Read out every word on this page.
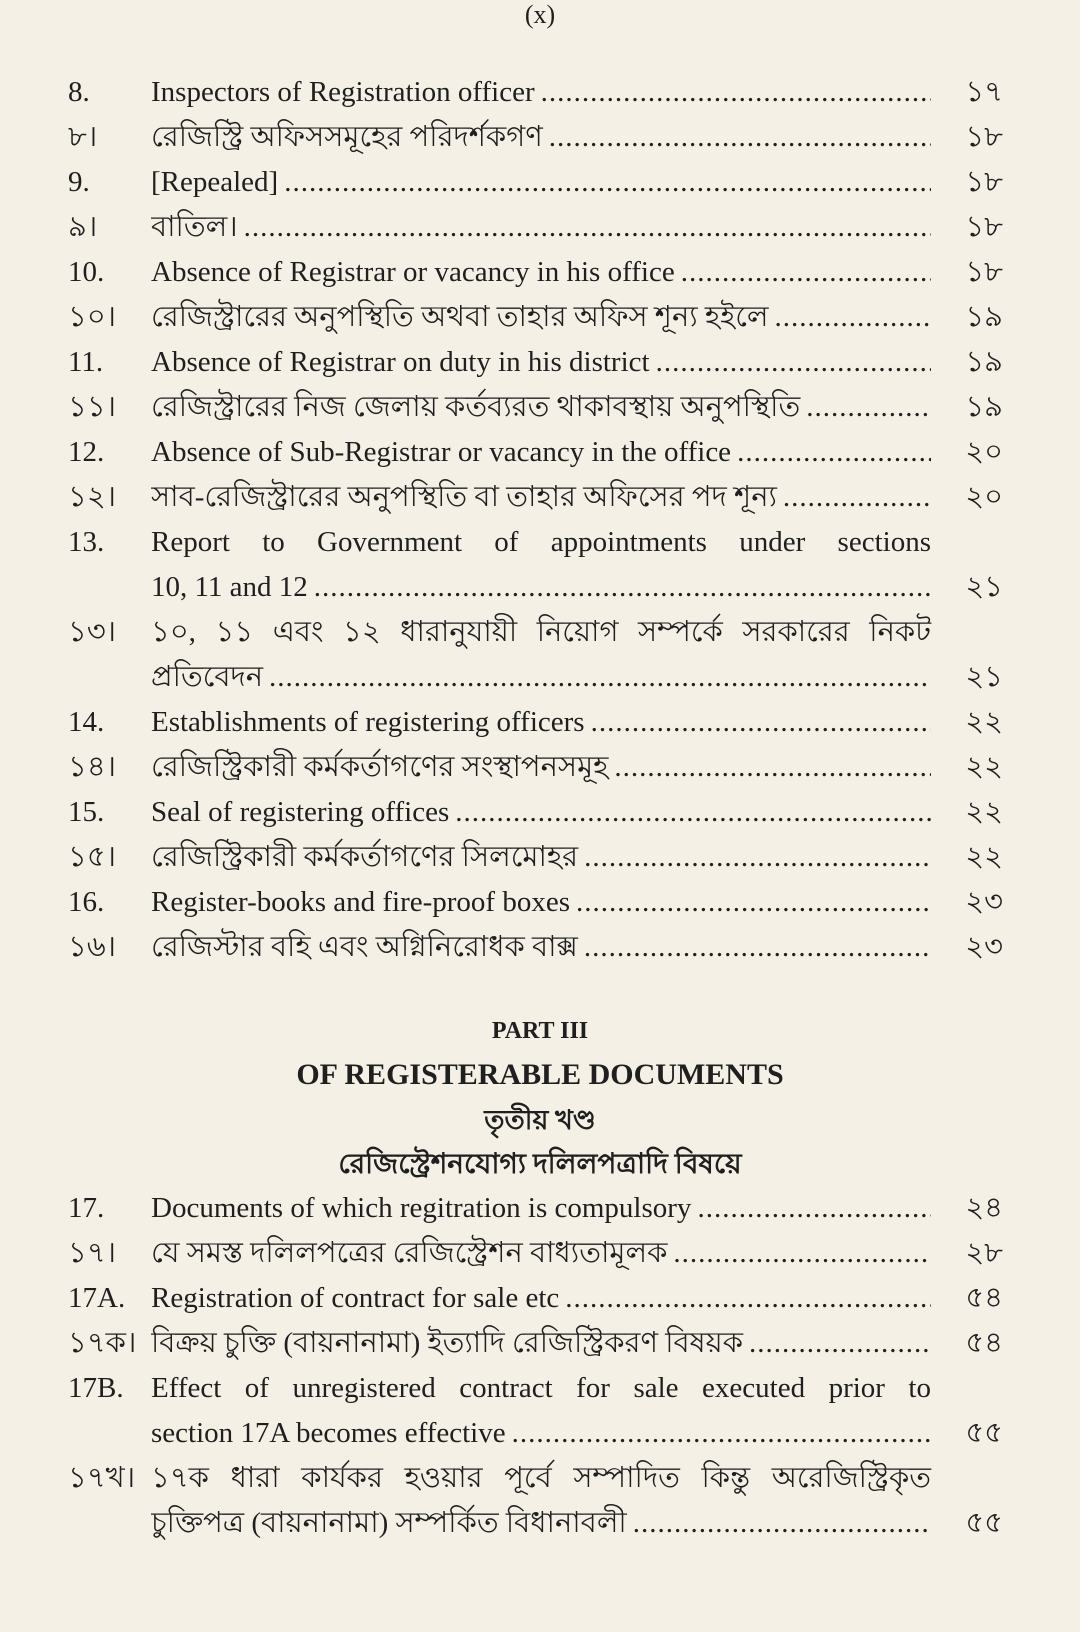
(x)
8.	Inspectors of Registration officer .....	১৭
৮।	রেজিস্ট্রি অফিসসমূহের পরিদর্শকগণ .....	১৮
9.	[Repealed] .....	১৮
৯।	বাতিল। .....	১৮
10.	Absence of Registrar or vacancy in his office .....	১৮
১০।	রেজিস্ট্রারের অনুপস্থিতি অথবা তাহার অফিস শূন্য হইলে .....	১৯
11.	Absence of Registrar on duty in his district .....	১৯
১১।	রেজিস্ট্রারের নিজ জেলায় কর্তব্যরত থাকাবস্থায় অনুপস্থিতি .....	১৯
12.	Absence of Sub-Registrar or vacancy in the office .....	২০
১২।	সাব-রেজিস্ট্রারের অনুপস্থিতি বা তাহার অফিসের পদ শূন্য .....	২০
13.	Report to Government of appointments under sections
10, 11 and 12 .....	২১
১৩।	১০, ১১ এবং ১২ ধারানুযায়ী নিয়োগ সম্পর্কে সরকারের নিকট
প্রতিবেদন .....	২১
14.	Establishments of registering officers .....	২২
১৪।	রেজিস্ট্রিকারী কর্মকর্তাগণের সংস্থাপনসমূহ .....	২২
15.	Seal of registering offices .....	২২
১৫।	রেজিস্ট্রিকারী কর্মকর্তাগণের সিলমোহর .....	২২
16.	Register-books and fire-proof boxes .....	২৩
১৬।	রেজিস্টার বহি এবং অগ্নিনিরোধক বাক্স .....	২৩
PART III
OF REGISTERABLE DOCUMENTS
তৃতীয় খণ্ড
রেজিস্ট্রেশনযোগ্য দলিলপত্রাদি বিষয়ে
17.	Documents of which regitration is compulsory .....	২৪
১৭।	যে সমস্ত দলিলপত্রের রেজিস্ট্রেশন বাধ্যতামূলক .....	২৮
17A. Registration of contract for sale etc .....	৫৪
১৭ক। বিক্রয় চুক্তি (বায়নানামা) ইত্যাদি রেজিস্ট্রিকরণ বিষয়ক .....	৫৪
17B. Effect of unregistered contract for sale executed prior to
section 17A becomes effective .....	৫৫
১৭খ। ১৭ক ধারা কার্যকর হওয়ার পূর্বে সম্পাদিত কিন্তু অরেজিস্ট্রিকৃত
চুক্তিপত্র (বায়নানামা) সম্পর্কিত বিধানাবলী .....	৫৫
